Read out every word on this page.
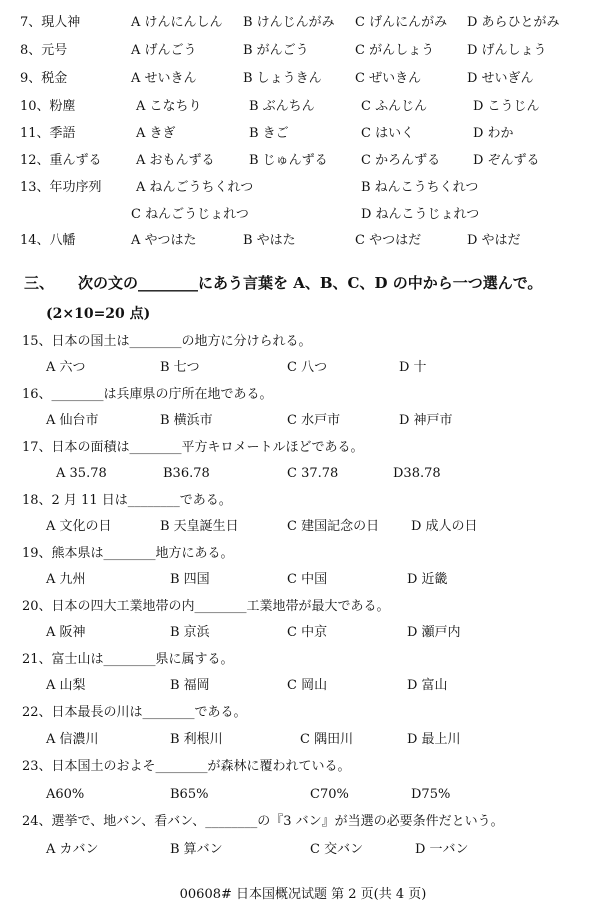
7、現人神	A けんにんしん B けんじんがみ C げんにんがみ D あらひとがみ
8、元号	A げんごう	B がんごう	C がんしょう	D げんしょう
9、税金	A せいきん	B しょうきん	C ぜいきん	D せいぎん
10、粉塵	A こなちり	B ぶんちん	C ふんじん	D こうじん
11、季語	A きぎ	B きご	C はいく	D わか
12、重んずる	A おもんずる	B じゅんずる	C かろんずる	D ぞんずる
13、年功序列	A ねんごうちくれつ	B ねんこうちくれつ
C ねんごうじょれつ	D ねんこうじょれつ
14、八幡	A やつはた	B やはた	C やつはだ	D やはだ
三、 次の文の________にあう言葉を A、B、C、D の中から一つ選んで。
(2×10=20 点)
15、日本の国土は________の地方に分けられる。
A 六つ	B 七つ	C 八つ	D 十
16、________は兵庫県の庁所在地である。
A 仙台市	B 横浜市	C 水戸市	D 神戸市
17、日本の面積は________平方キロメートルほどである。
A 35.78	B36.78	C 37.78	D38.78
18、2 月 11 日は________である。
A 文化の日	B 天皇誕生日	C 建国記念の日 D 成人の日
19、熊本県は________地方にある。
A 九州	B 四国	C 中国	D 近畿
20、日本の四大工業地帯の内________工業地帯が最大である。
A 阪神	B 京浜	C 中京	D 瀬戸内
21、富士山は________県に属する。
A 山梨	B 福岡	C 岡山	D 富山
22、日本最長の川は________である。
A 信濃川	B 利根川	C 隅田川	D 最上川
23、日本国土のおよそ________が森林に覆われている。
A60%	B65%	C70%	D75%
24、選挙で、地バン、看バン、________の『3 バン』が当選の必要条件だという。
A カバン	B 算バン	C 交バン	D 一バン
00608# 日本国概况试题 第 2 页(共 4 页)
